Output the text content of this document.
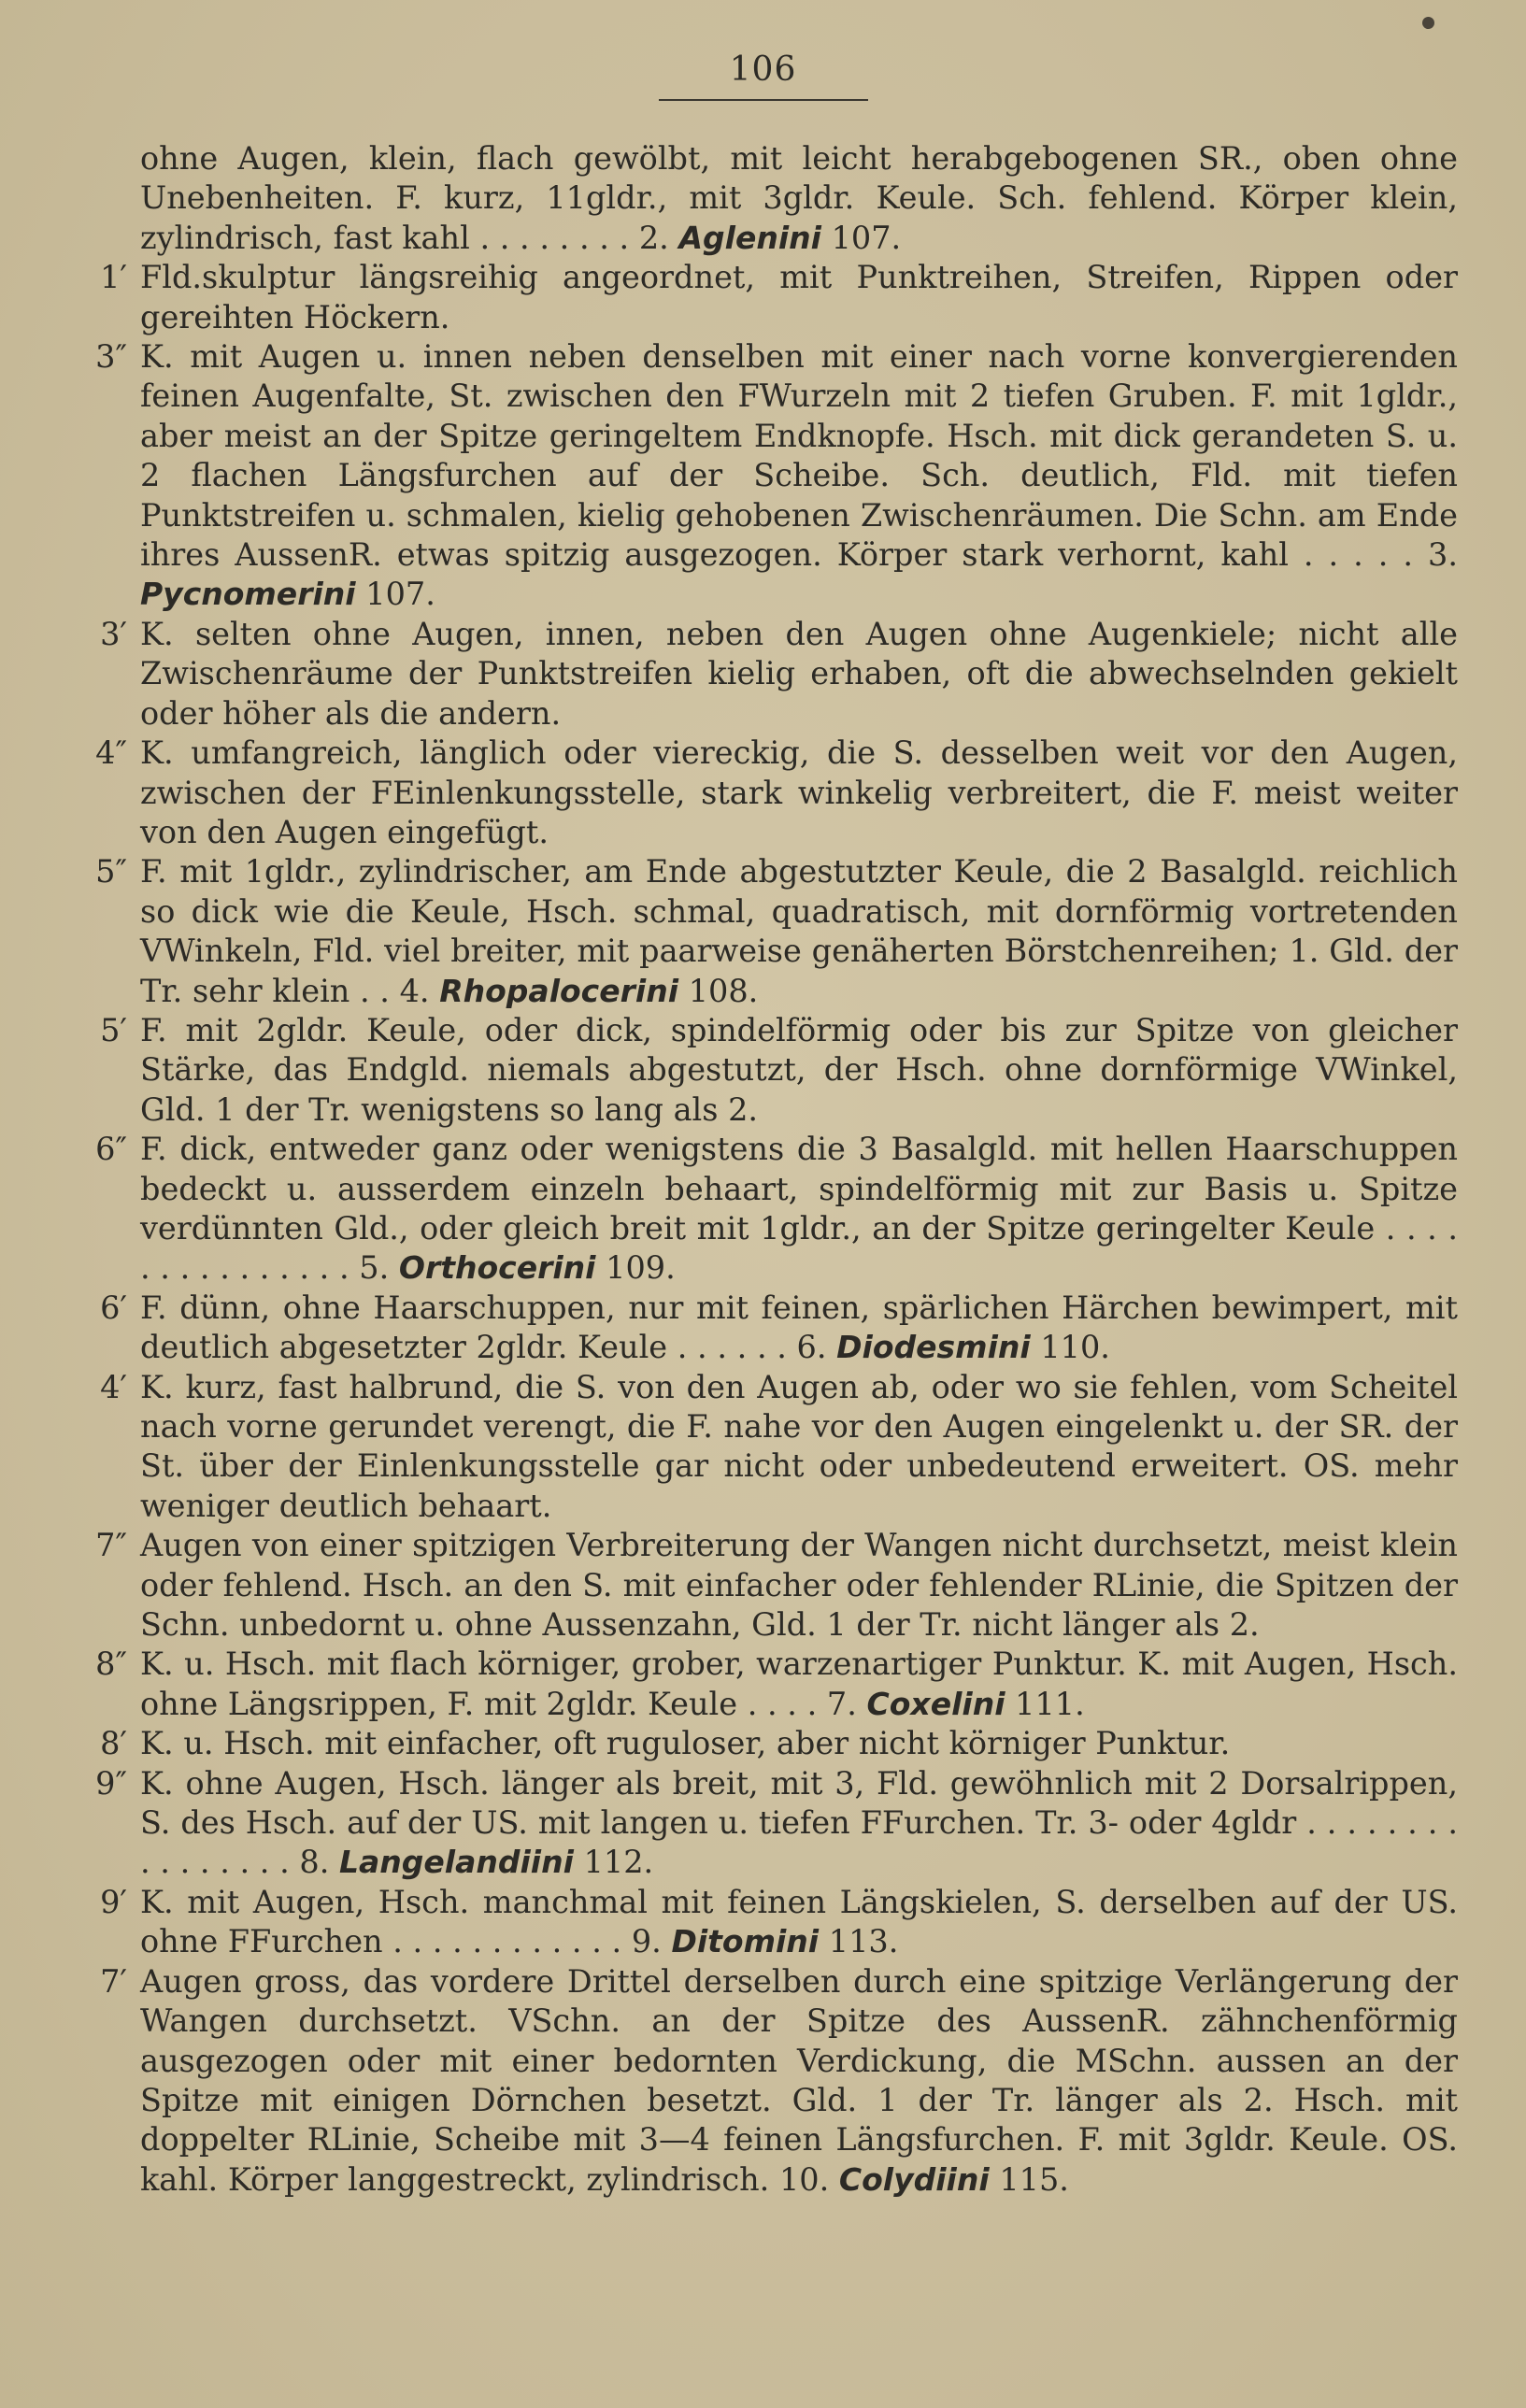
106
ohne Augen, klein, flach gewölbt, mit leicht herabgebogenen SR., oben ohne Unebenheiten. F. kurz, 11gldr., mit 3gldr. Keule. Sch. fehlend. Körper klein, zylindrisch, fast kahl . . . . . . . . 2. Aglenini 107.
1′ Fld.skulptur längsreihig angeordnet, mit Punktreihen, Streifen, Rippen oder gereihten Höckern.
3″ K. mit Augen u. innen neben denselben mit einer nach vorne konvergierenden feinen Augenfalte, St. zwischen den FWurzeln mit 2 tiefen Gruben. F. mit 1gldr., aber meist an der Spitze geringeltem Endknopfe. Hsch. mit dick gerandeten S. u. 2 flachen Längsfurchen auf der Scheibe. Sch. deutlich, Fld. mit tiefen Punktstreifen u. schmalen, kielig gehobenen Zwischenräumen. Die Schn. am Ende ihres AussenR. etwas spitzig ausgezogen. Körper stark verhornt, kahl . . . . . 3. Pycnomerini 107.
3′ K. selten ohne Augen, innen, neben den Augen ohne Augenkiele; nicht alle Zwischenräume der Punktstreifen kielig erhaben, oft die abwechselnden gekielt oder höher als die andern.
4″ K. umfangreich, länglich oder viereckig, die S. desselben weit vor den Augen, zwischen der FEinlenkungsstelle, stark winkelig verbreitert, die F. meist weiter von den Augen eingefügt.
5″ F. mit 1gldr., zylindrischer, am Ende abgestutzter Keule, die 2 Basalgld. reichlich so dick wie die Keule, Hsch. schmal, quadratisch, mit dornförmig vortretenden VWinkeln, Fld. viel breiter, mit paarweise genäherten Börstchenreihen; 1. Gld. der Tr. sehr klein . . 4. Rhopalocerini 108.
5′ F. mit 2gldr. Keule, oder dick, spindelförmig oder bis zur Spitze von gleicher Stärke, das Endgld. niemals abgestutzt, der Hsch. ohne dornförmige VWinkel, Gld. 1 der Tr. wenigstens so lang als 2.
6″ F. dick, entweder ganz oder wenigstens die 3 Basalgld. mit hellen Haarschuppen bedeckt u. ausserdem einzeln behaart, spindelförmig mit zur Basis u. Spitze verdünnten Gld., oder gleich breit mit 1gldr., an der Spitze geringelter Keule . . . . . . . . . . . . . . . 5. Orthocerini 109.
6′ F. dünn, ohne Haarschuppen, nur mit feinen, spärlichen Härchen bewimpert, mit deutlich abgesetzter 2gldr. Keule . . . . . . 6. Diodesmini 110.
4′ K. kurz, fast halbrund, die S. von den Augen ab, oder wo sie fehlen, vom Scheitel nach vorne gerundet verengt, die F. nahe vor den Augen eingelenkt u. der SR. der St. über der Einlenkungsstelle gar nicht oder unbedeutend erweitert. OS. mehr weniger deutlich behaart.
7″ Augen von einer spitzigen Verbreiterung der Wangen nicht durchsetzt, meist klein oder fehlend. Hsch. an den S. mit einfacher oder fehlender RLinie, die Spitzen der Schn. unbedornt u. ohne Aussenzahn, Gld. 1 der Tr. nicht länger als 2.
8″ K. u. Hsch. mit flach körniger, grober, warzenartiger Punktur. K. mit Augen, Hsch. ohne Längsrippen, F. mit 2gldr. Keule . . . . 7. Coxelini 111.
8′ K. u. Hsch. mit einfacher, oft ruguloser, aber nicht körniger Punktur.
9″ K. ohne Augen, Hsch. länger als breit, mit 3, Fld. gewöhnlich mit 2 Dorsalrippen, S. des Hsch. auf der US. mit langen u. tiefen FFurchen. Tr. 3- oder 4gldr . . . . . . . . . . . . . . . . 8. Langelandiini 112.
9′ K. mit Augen, Hsch. manchmal mit feinen Längskielen, S. derselben auf der US. ohne FFurchen . . . . . . . . . . . . 9. Ditomini 113.
7′ Augen gross, das vordere Drittel derselben durch eine spitzige Verlängerung der Wangen durchsetzt. VSchn. an der Spitze des AussenR. zähnchenförmig ausgezogen oder mit einer bedornten Verdickung, die MSchn. aussen an der Spitze mit einigen Dörnchen besetzt. Gld. 1 der Tr. länger als 2. Hsch. mit doppelter RLinie, Scheibe mit 3—4 feinen Längsfurchen. F. mit 3gldr. Keule. OS. kahl. Körper langgestreckt, zylindrisch. 10. Colydiini 115.
